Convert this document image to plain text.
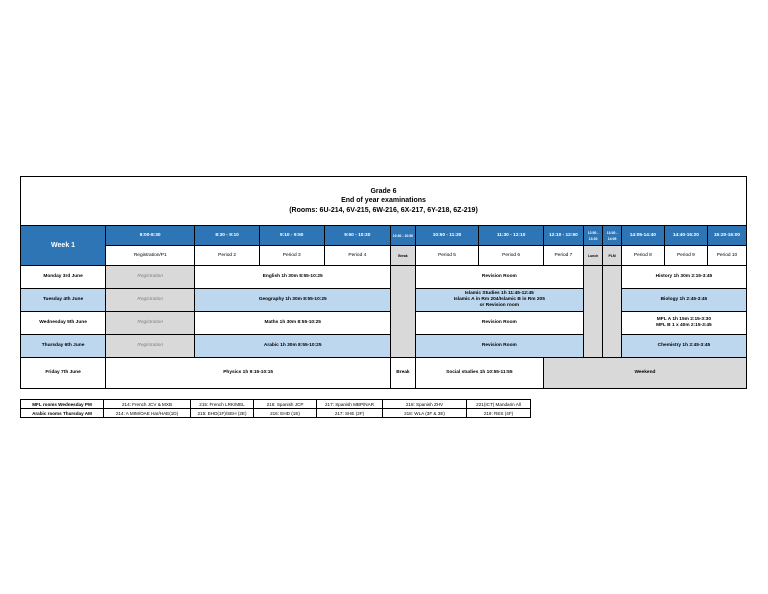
Grade 6
End of year examinations
(Rooms: 6U-214, 6V-215, 6W-216, 6X-217, 6Y-218, 6Z-219)
Week 1	8:00-8:30	8:30 - 9:10	9:10 - 9:50	9:50 - 10:30	10:30 - 10:50	10:50 - 11:30	11:30 - 12:10	12:10 - 12:50	12:50 - 13:30	13:30 - 14:05	14:05-14:40	14:40-15:20	15:20-16:00
	Registration/P1	Period 2	Period 3	Period 4	Break	Period 5	Period 6	Period 7	Lunch	PLM	Period 8	Period 9	Period 10
Monday 3rd June	Registration	English 1h 30m 8:55-10:25				Revision Room					History 1h 30m 2:15-3:45		
Tuesday 4th June	Registration	Geography 1h 30m 8:55-10:25				Islamic Studies 1h 11:45-12:45
Islamic A in Rm 204/Islamic B in Rm 205
or Revision room					Biology 1h 2:45-3:45		
Wednesday 5th June	Registration	Maths 1h 30m 8:55-10:25				Revision Room					MFL A 1h 15m 2:15-3:30
MFL B 1 x 40m 2:15-3:45		

Thursday 6th June	Registration	Arabic 1h 30m 8:55-10:25				Revision Room					Chemistry 1h 2:45-3:45		
Friday 7th June	Physics 1h 9:15-10:15				Break	Social studies 1h 10:55-11:55		Weekend					
MFL rooms Wednesday PM	214: French JCV & MXB	215: French LRK/MEL	216: Spanish JCP	217: Spanish MBP/NAR	218: Spanish ZHV	221(ICT) Mandarin All
Arabic rooms Thursday AM	214: A MIM/OAE Har/HAE(1D)	215: EHD(1F)/SEH (2E)	216: EHD (1E)	217: SHE (2F)	218: WLA (3F & 3E)	219: RES (4F)
